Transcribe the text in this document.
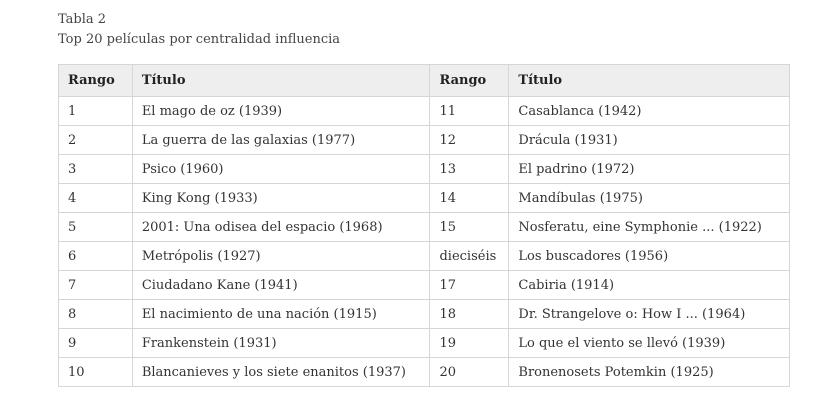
Tabla 2
Top 20 películas por centralidad influencia
Rango	Título	Rango	Título
1	El mago de oz (1939)	11	Casablanca (1942)
2	La guerra de las galaxias (1977)	12	Drácula (1931)
3	Psico (1960)	13	El padrino (1972)
4	King Kong (1933)	14	Mandíbulas (1975)
5	2001: Una odisea del espacio (1968)	15	Nosferatu, eine Symphonie ... (1922)
6	Metrópolis (1927)	dieciséis	Los buscadores (1956)
7	Ciudadano Kane (1941)	17	Cabiria (1914)
8	El nacimiento de una nación (1915)	18	Dr. Strangelove o: How I ... (1964)
9	Frankenstein (1931)	19	Lo que el viento se llevó (1939)
10	Blancanieves y los siete enanitos (1937)	20	Bronenosets Potemkin (1925)
